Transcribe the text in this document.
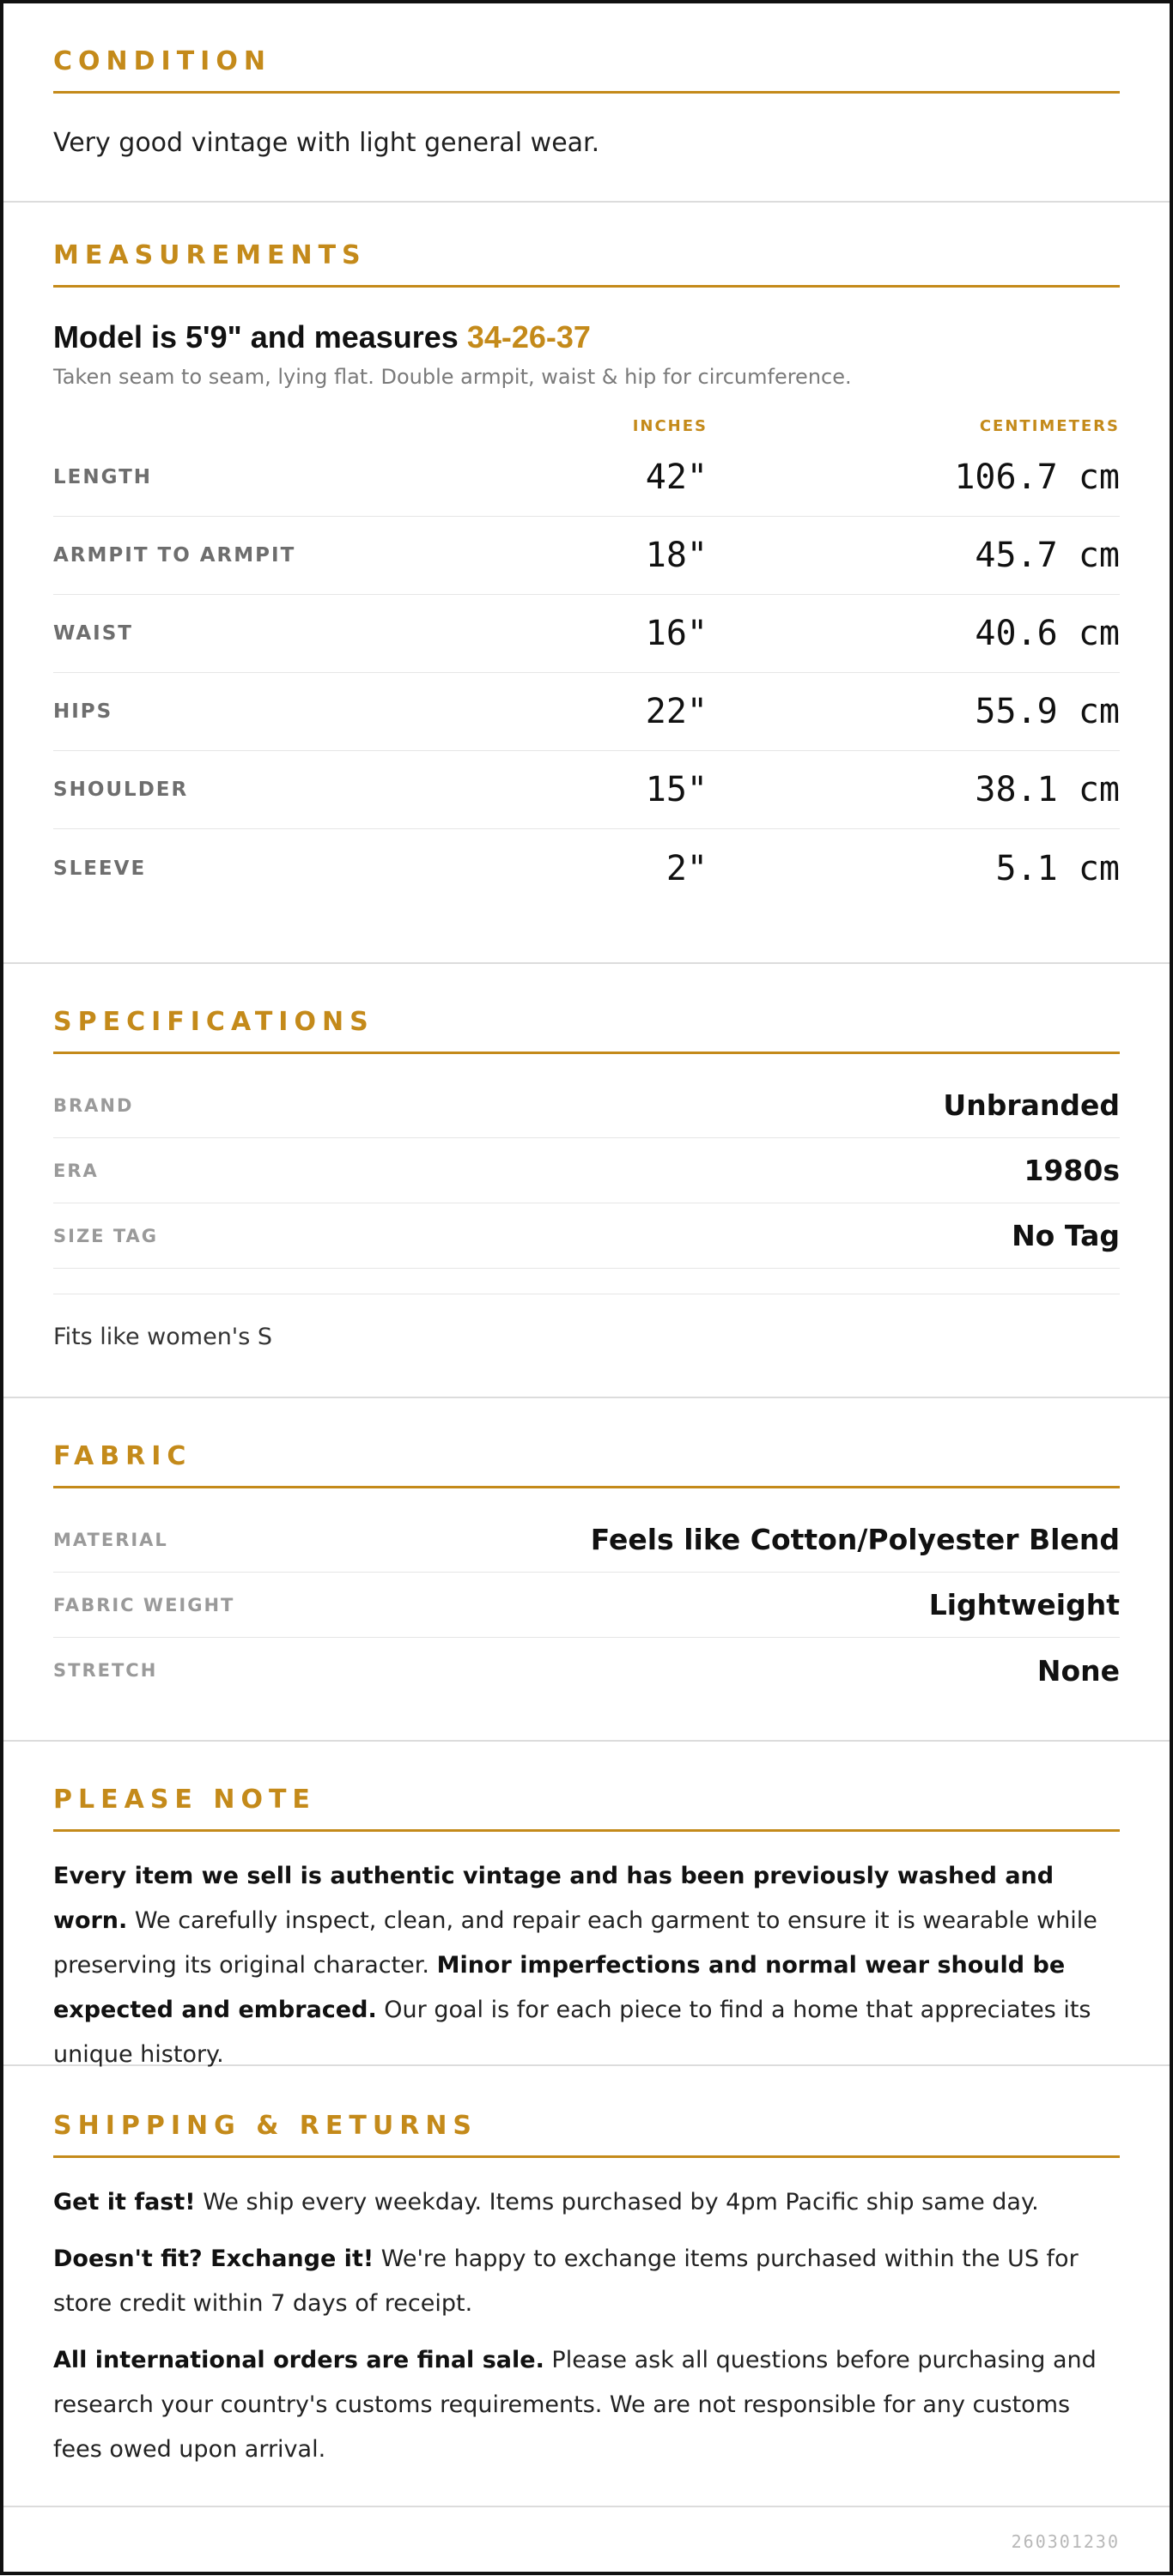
CONDITION
Very good vintage with light general wear.
MEASUREMENTS
Model is 5'9" and measures 34-26-37
Taken seam to seam, lying flat. Double armpit, waist & hip for circumference.
INCHES	CENTIMETERS
LENGTH	42"	106.7 cm
ARMPIT TO ARMPIT	18"	45.7 cm
WAIST	16"	40.6 cm
HIPS	22"	55.9 cm
SHOULDER	15"	38.1 cm
SLEEVE	2"	5.1 cm
SPECIFICATIONS
BRAND	Unbranded
ERA	1980s
SIZE TAG	No Tag
Fits like women's S
FABRIC
MATERIAL	Feels like Cotton/Polyester Blend
FABRIC WEIGHT	Lightweight
STRETCH	None
PLEASE NOTE
Every item we sell is authentic vintage and has been previously washed and worn. We carefully inspect, clean, and repair each garment to ensure it is wearable while preserving its original character. Minor imperfections and normal wear should be expected and embraced. Our goal is for each piece to find a home that appreciates its unique history.
SHIPPING & RETURNS
Get it fast! We ship every weekday. Items purchased by 4pm Pacific ship same day.
Doesn't fit? Exchange it! We're happy to exchange items purchased within the US for store credit within 7 days of receipt.
All international orders are final sale. Please ask all questions before purchasing and research your country's customs requirements. We are not responsible for any customs fees owed upon arrival.
260301230
